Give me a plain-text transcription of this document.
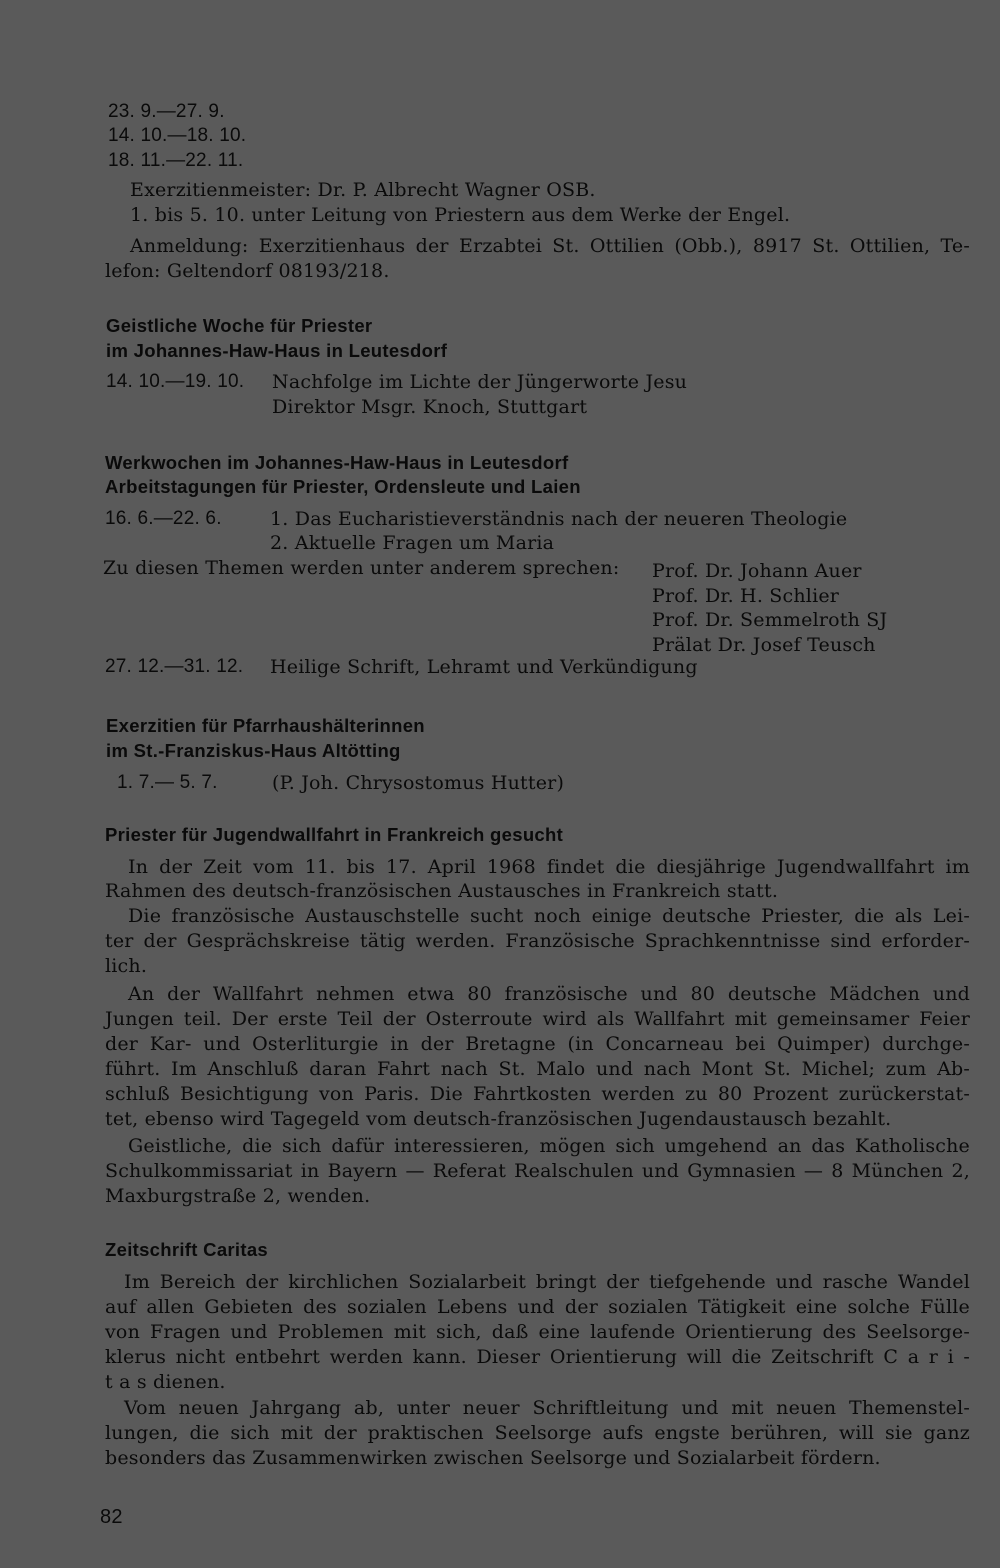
23. 9.—27. 9.
14. 10.—18. 10.
18. 11.—22. 11.
Exerzitienmeister: Dr. P. Albrecht Wagner OSB.
1. bis 5. 10. unter Leitung von Priestern aus dem Werke der Engel.
Anmeldung: Exerzitienhaus der Erzabtei St. Ottilien (Obb.), 8917 St. Ottilien, Te-
lefon: Geltendorf 08193/218.
Geistliche Woche für Priester
im Johannes-Haw-Haus in Leutesdorf
14. 10.—19. 10. Nachfolge im Lichte der Jüngerworte Jesu
Direktor Msgr. Knoch, Stuttgart
Werkwochen im Johannes-Haw-Haus in Leutesdorf
Arbeitstagungen für Priester, Ordensleute und Laien
16. 6.—22. 6.	1. Das Eucharistieverständnis nach der neueren Theologie
2. Aktuelle Fragen um Maria
Zu diesen Themen werden unter anderem sprechen: Prof. Dr. Johann Auer
Prof. Dr. H. Schlier
Prof. Dr. Semmelroth SJ
Prälat Dr. Josef Teusch
27. 12.—31. 12. Heilige Schrift, Lehramt und Verkündigung
Exerzitien für Pfarrhaushälterinnen
im St.-Franziskus-Haus Altötting
1. 7.— 5. 7.	(P. Joh. Chrysostomus Hutter)
Priester für Jugendwallfahrt in Frankreich gesucht
In der Zeit vom 11. bis 17. April 1968 findet die diesjährige Jugendwallfahrt im
Rahmen des deutsch-französischen Austausches in Frankreich statt.
Die französische Austauschstelle sucht noch einige deutsche Priester, die als Lei-
ter der Gesprächskreise tätig werden. Französische Sprachkenntnisse sind erforder-
lich.
An der Wallfahrt nehmen etwa 80 französische und 80 deutsche Mädchen und
Jungen teil. Der erste Teil der Osterroute wird als Wallfahrt mit gemeinsamer Feier
der Kar- und Osterliturgie in der Bretagne (in Concarneau bei Quimper) durchge-
führt. Im Anschluß daran Fahrt nach St. Malo und nach Mont St. Michel; zum Ab-
schluß Besichtigung von Paris. Die Fahrtkosten werden zu 80 Prozent zurückerstat-
tet, ebenso wird Tagegeld vom deutsch-französischen Jugendaustausch bezahlt.
Geistliche, die sich dafür interessieren, mögen sich umgehend an das Katholische
Schulkommissariat in Bayern — Referat Realschulen und Gymnasien — 8 München 2,
Maxburgstraße 2, wenden.
Zeitschrift Caritas
Im Bereich der kirchlichen Sozialarbeit bringt der tiefgehende und rasche Wandel
auf allen Gebieten des sozialen Lebens und der sozialen Tätigkeit eine solche Fülle
von Fragen und Problemen mit sich, daß eine laufende Orientierung des Seelsorge-
klerus nicht entbehrt werden kann. Dieser Orientierung will die Zeitschrift C a r i -
t a s dienen.
Vom neuen Jahrgang ab, unter neuer Schriftleitung und mit neuen Themenstel-
lungen, die sich mit der praktischen Seelsorge aufs engste berühren, will sie ganz
besonders das Zusammenwirken zwischen Seelsorge und Sozialarbeit fördern.
82
